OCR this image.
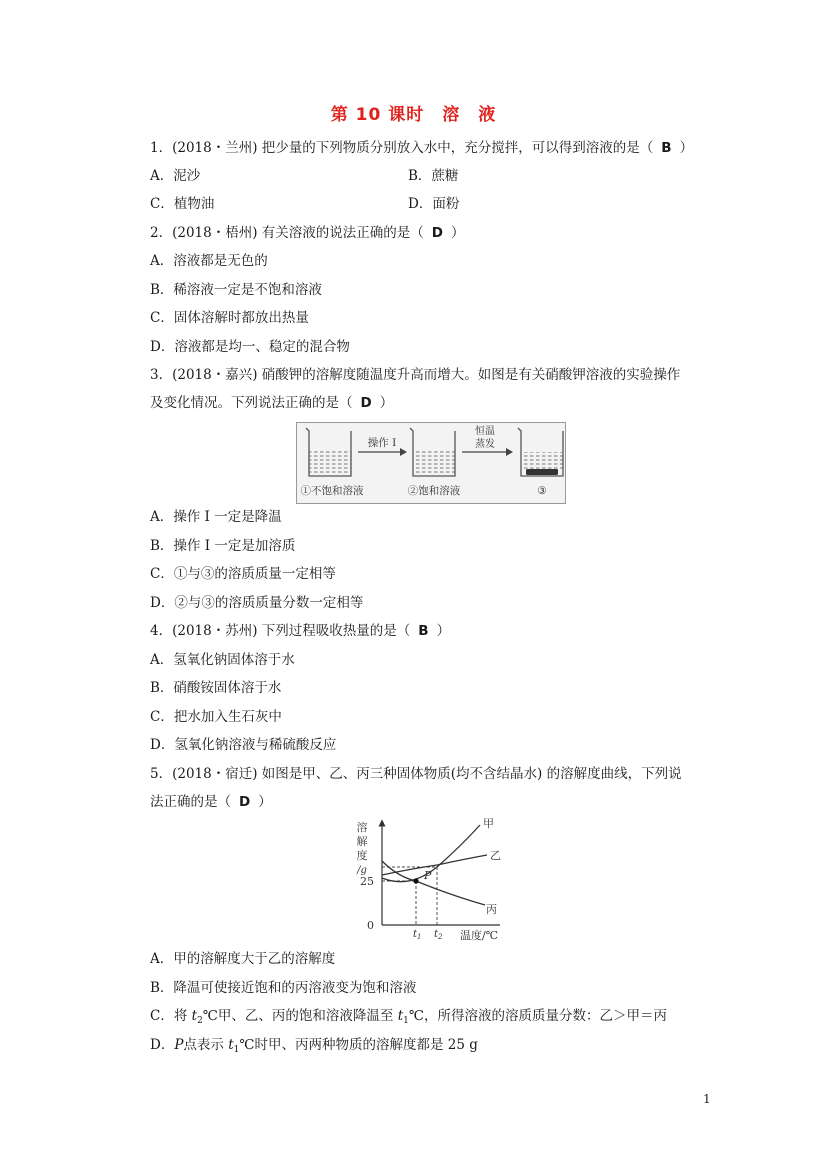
第 10 课时　溶　液
1．(2018・兰州) 把少量的下列物质分别放入水中，充分搅拌，可以得到溶液的是（ B ）
A．泥沙	B．蔗糖
C．植物油	D．面粉
2．(2018・梧州) 有关溶液的说法正确的是（ D ）
A．溶液都是无色的
B．稀溶液一定是不饱和溶液
C．固体溶解时都放出热量
D．溶液都是均一、稳定的混合物
3．(2018・嘉兴) 硝酸钾的溶解度随温度升高而增大。如图是有关硝酸钾溶液的实验操作
及变化情况。下列说法正确的是（ D ）
操作 I
恒温
蒸发
①不饱和溶液	②饱和溶液	③
A．操作 I 一定是降温
B．操作 I 一定是加溶质
C．①与③的溶质质量一定相等
D．②与③的溶质质量分数一定相等
4．(2018・苏州) 下列过程吸收热量的是（ B ）
A．氢氧化钠固体溶于水
B．硝酸铵固体溶于水
C．把水加入生石灰中
D．氢氧化钠溶液与稀硫酸反应
5．(2018・宿迁) 如图是甲、乙、丙三种固体物质(均不含结晶水) 的溶解度曲线，下列说
法正确的是（ D ）
溶
解
度
/g
25
0
P
$t_1$ $t_2$ 温度/℃
甲
乙
丙
A．甲的溶解度大于乙的溶解度
B．降温可使接近饱和的丙溶液变为饱和溶液
C．将 $t_2℃$甲、乙、丙的饱和溶液降温至 $t_1℃$，所得溶液的溶质质量分数：乙＞甲＝丙
D．P点表示 $t_1℃$时甲、丙两种物质的溶解度都是 25 g
1
